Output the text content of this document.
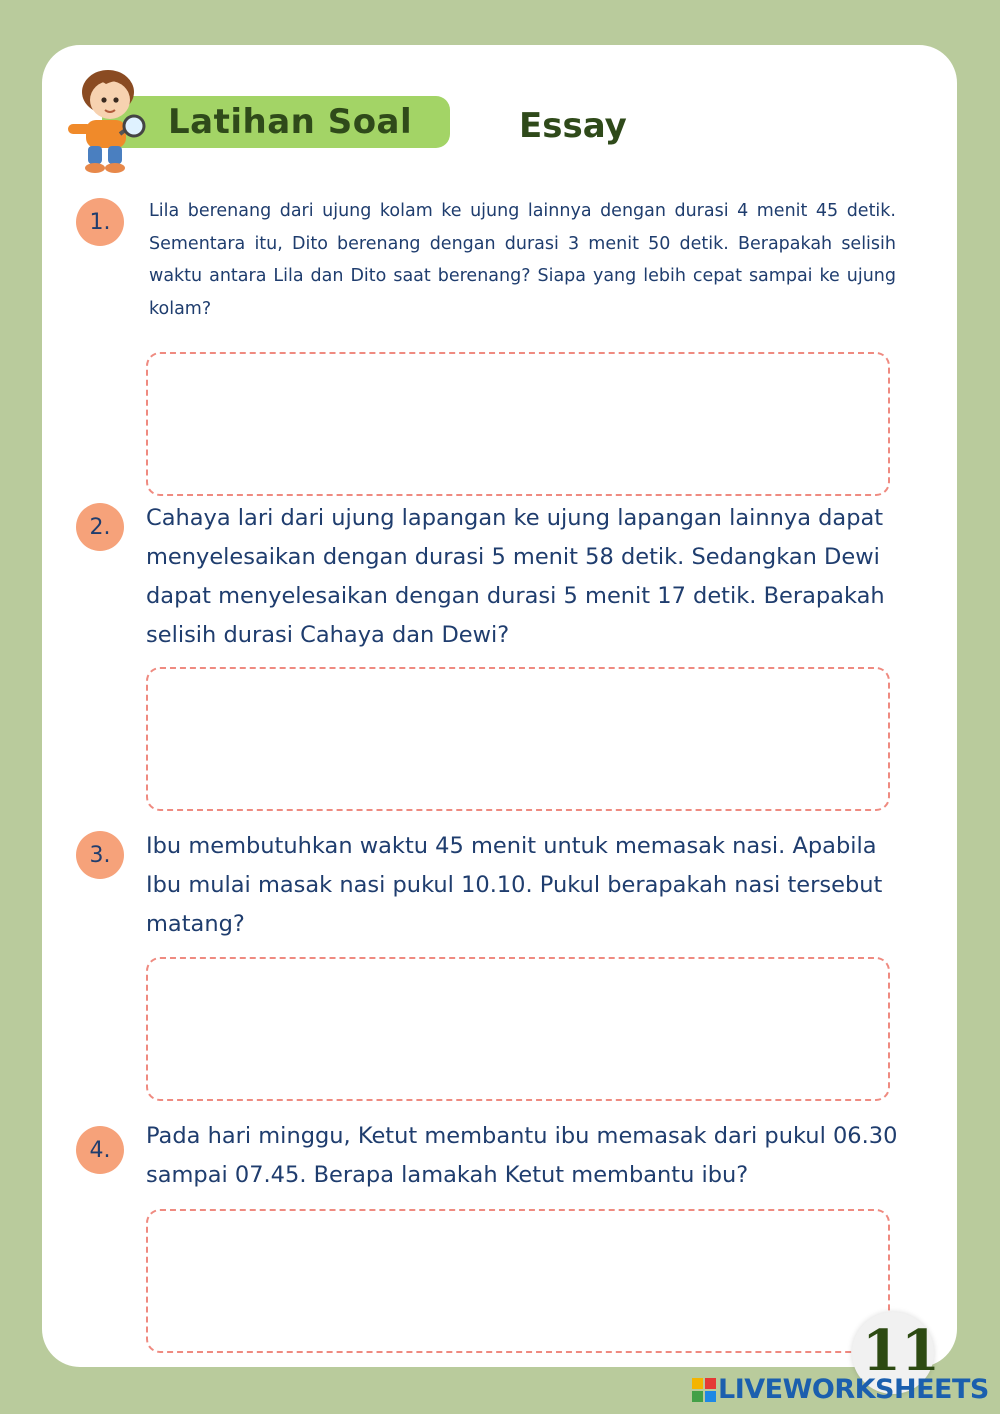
Latihan Soal	Essay
1.	Lila berenang dari ujung kolam ke ujung lainnya dengan durasi 4 menit 45 detik. Sementara itu, Dito berenang dengan durasi 3 menit 50 detik. Berapakah selisih waktu antara Lila dan Dito saat berenang? Siapa yang lebih cepat sampai ke ujung kolam?
2.	Cahaya lari dari ujung lapangan ke ujung lapangan lainnya dapat menyelesaikan dengan durasi 5 menit 58 detik. Sedangkan Dewi dapat menyelesaikan dengan durasi 5 menit 17 detik. Berapakah selisih durasi Cahaya dan Dewi?
3.	Ibu membutuhkan waktu 45 menit untuk memasak nasi. Apabila Ibu mulai masak nasi pukul 10.10. Pukul berapakah nasi tersebut matang?
4.
Pada hari minggu, Ketut membantu ibu memasak dari pukul 06.30 sampai 07.45. Berapa lamakah Ketut membantu ibu?
11
LIVEWORKSHEETS
